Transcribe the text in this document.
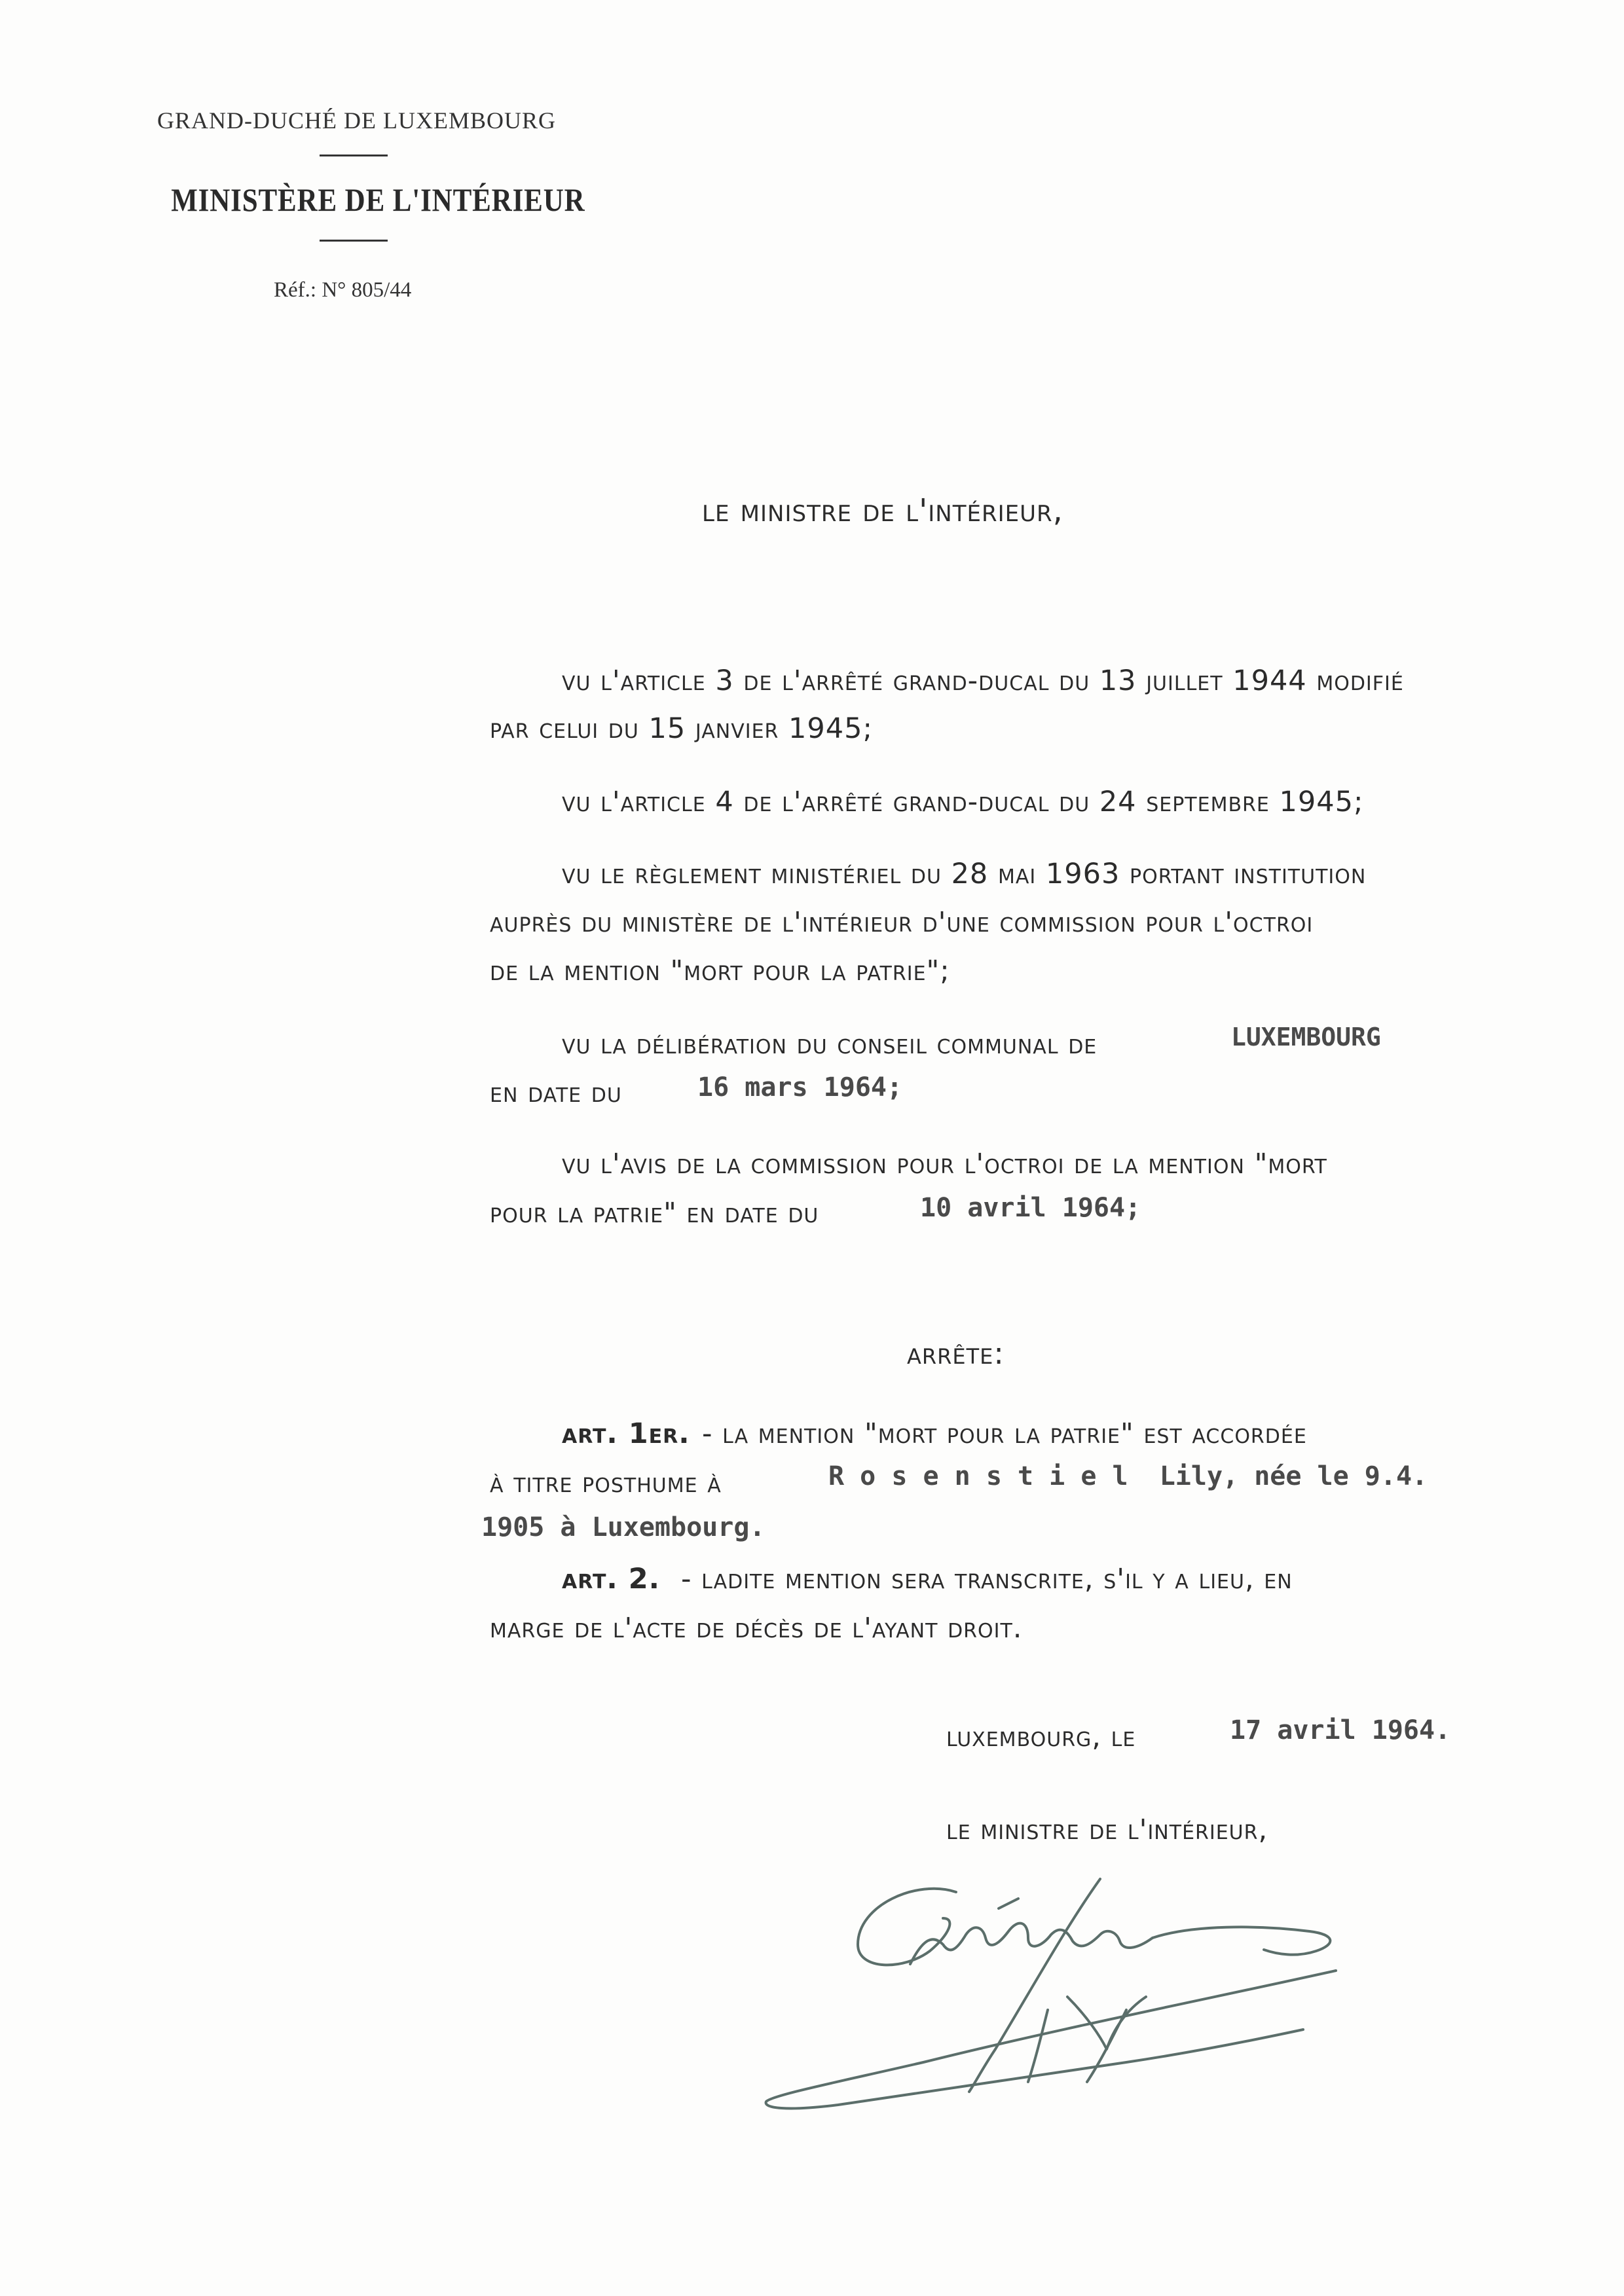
GRAND-DUCHÉ DE LUXEMBOURG
MINISTÈRE DE L'INTÉRIEUR
Réf.: N° 805/44
le ministre de l'intérieur,
vu l'article 3 de l'arrêté grand-ducal du 13 juillet 1944 modifié
par celui du 15 janvier 1945;
vu l'article 4 de l'arrêté grand-ducal du 24 septembre 1945;
vu le règlement ministériel du 28 mai 1963 portant institution
auprès du ministère de l'intérieur d'une commission pour l'octroi
de la mention "mort pour la patrie";
vu la délibération du conseil communal de	LUXEMBOURG
en date du	16 mars 1964;
vu l'avis de la commission pour l'octroi de la mention "mort
pour la patrie" en date du	10 avril 1964;
arrête:
art. 1er. - la mention "mort pour la patrie" est accordée
à titre posthume à	R o s e n s t i e l  Lily, née le 9.4.
1905 à Luxembourg.
art. 2. - ladite mention sera transcrite, s'il y a lieu, en
marge de l'acte de décès de l'ayant droit.
luxembourg, le	17 avril 1964.
le ministre de l'intérieur,
